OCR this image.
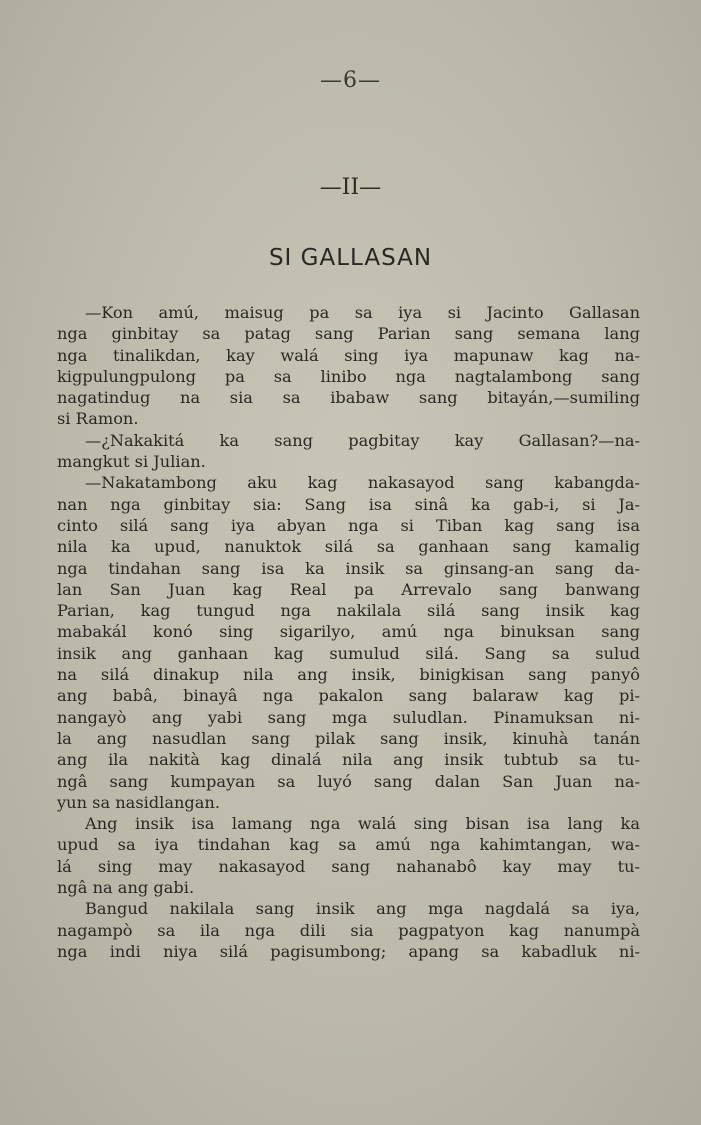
—6—
—II—
SI GALLASAN
—Kon amú, maisug pa sa iya si Jacinto Gallasan
nga ginbitay sa patag sang Parian sang semana lang
nga tinalikdan, kay walá sing iya mapunaw kag na-
kigpulungpulong pa sa linibo nga nagtalambong sang
nagatindug na sia sa ibabaw sang bitayán,—sumiling
si Ramon.
—¿Nakakitá ka sang pagbitay kay Gallasan?—na-
mangkut si Julian.
—Nakatambong aku kag nakasayod sang kabangda-
nan nga ginbitay sia: Sang isa sinâ ka gab-i, si Ja-
cinto silá sang iya abyan nga si Tiban kag sang isa
nila ka upud, nanuktok silá sa ganhaan sang kamalig
nga tindahan sang isa ka insik sa ginsang-an sang da-
lan San Juan kag Real pa Arrevalo sang banwang
Parian, kag tungud nga nakilala silá sang insik kag
mabakál konó sing sigarilyo, amú nga binuksan sang
insik ang ganhaan kag sumulud silá. Sang sa sulud
na silá dinakup nila ang insik, binigkisan sang panyô
ang babâ, binayâ nga pakalon sang balaraw kag pi-
nangayò ang yabi sang mga suludlan. Pinamuksan ni-
la ang nasudlan sang pilak sang insik, kinuhà tanán
ang ila nakità kag dinalá nila ang insik tubtub sa tu-
ngâ sang kumpayan sa luyó sang dalan San Juan na-
yun sa nasidlangan.
Ang insik isa lamang nga walá sing bisan isa lang ka
upud sa iya tindahan kag sa amú nga kahimtangan, wa-
lá sing may nakasayod sang nahanabô kay may tu-
ngâ na ang gabi.
Bangud nakilala sang insik ang mga nagdalá sa iya,
nagampò sa ila nga dili sia pagpatyon kag nanumpà
nga indi niya silá pagisumbong; apang sa kabadluk ni-
